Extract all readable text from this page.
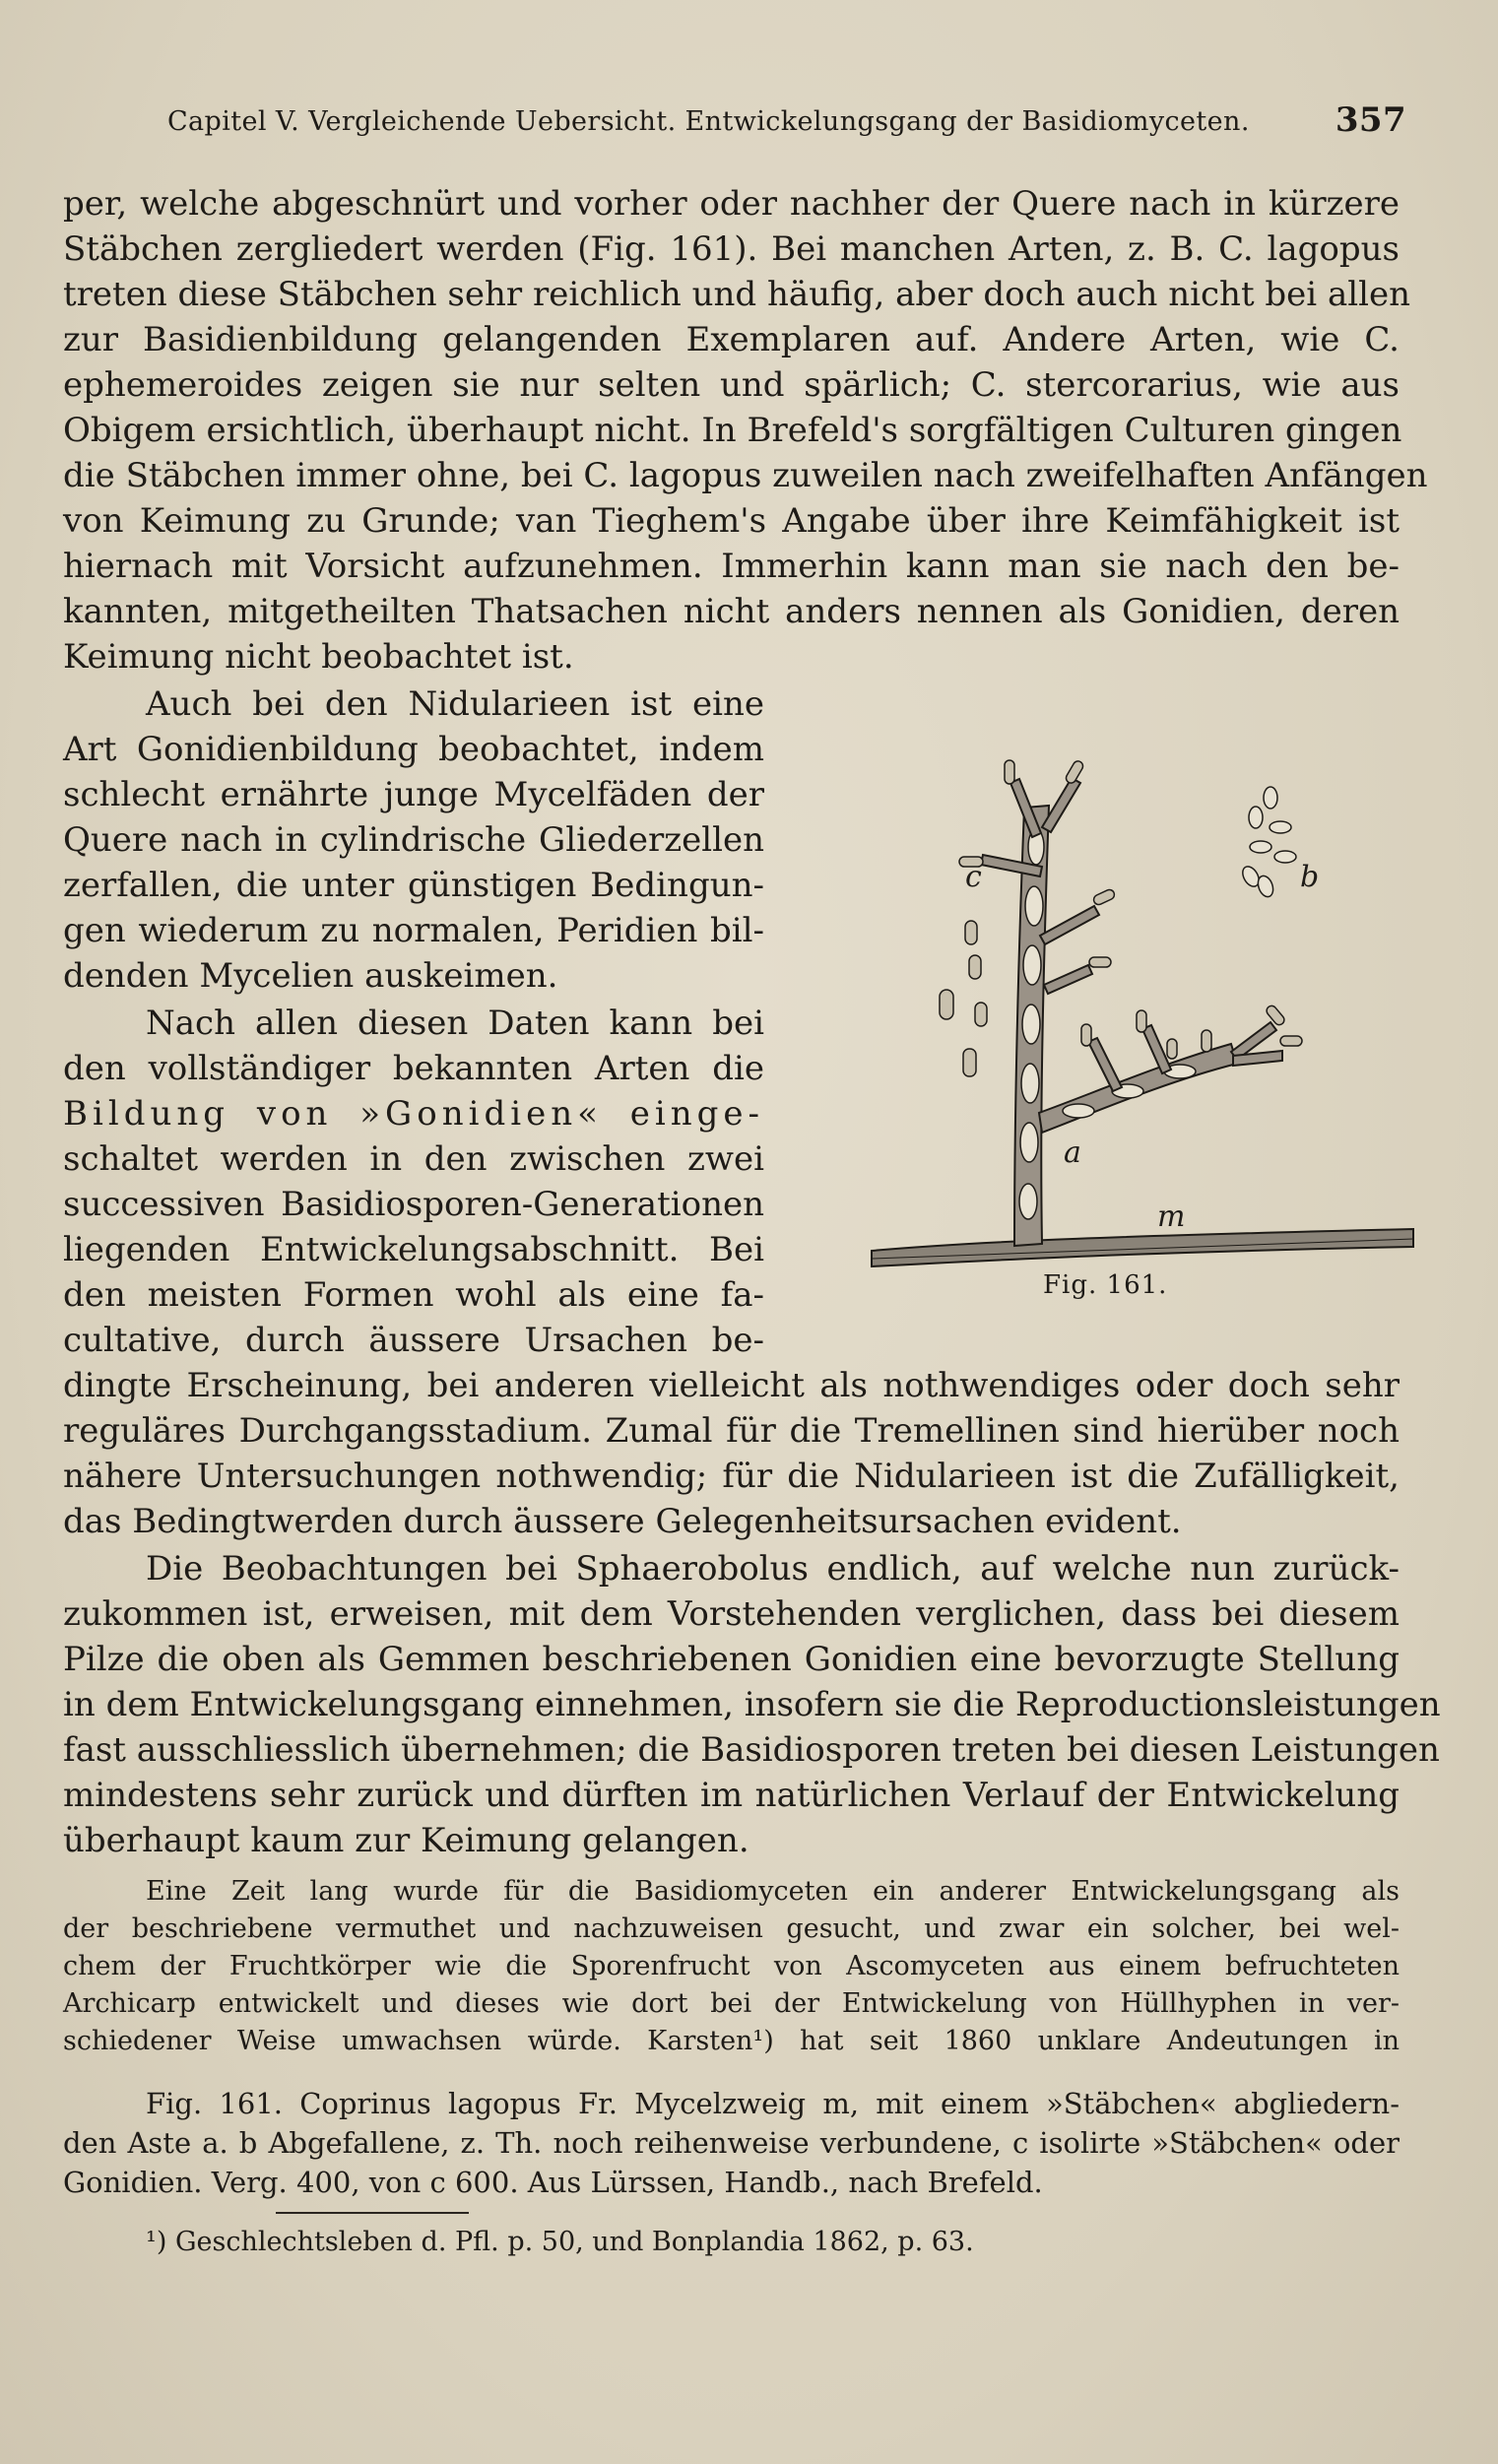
Capitel V. Vergleichende Uebersicht. Entwickelungsgang der Basidiomyceten.	357
per, welche abgeschnürt und vorher oder nachher der Quere nach in kürzere
Stäbchen zergliedert werden (Fig. 161). Bei manchen Arten, z. B. C. lagopus
treten diese Stäbchen sehr reichlich und häufig, aber doch auch nicht bei allen
zur Basidienbildung gelangenden Exemplaren auf. Andere Arten, wie C.
ephemeroides zeigen sie nur selten und spärlich; C. stercorarius, wie aus
Obigem ersichtlich, überhaupt nicht. In Brefeld's sorgfältigen Culturen gingen
die Stäbchen immer ohne, bei C. lagopus zuweilen nach zweifelhaften Anfängen
von Keimung zu Grunde; van Tieghem's Angabe über ihre Keimfähigkeit ist
hiernach mit Vorsicht aufzunehmen. Immerhin kann man sie nach den be-
kannten, mitgetheilten Thatsachen nicht anders nennen als Gonidien, deren
Keimung nicht beobachtet ist.
Auch bei den Nidularieen ist eine
Art Gonidienbildung beobachtet, indem
schlecht ernährte junge Mycelfäden der
Quere nach in cylindrische Gliederzellen
zerfallen, die unter günstigen Bedingun-
gen wiederum zu normalen, Peridien bil-
denden Mycelien auskeimen.
Nach allen diesen Daten kann bei
den vollständiger bekannten Arten die
Bildung von »Gonidien« einge-
schaltet werden in den zwischen zwei
successiven Basidiosporen-Generationen
liegenden Entwickelungsabschnitt. Bei
den meisten Formen wohl als eine fa-
cultative, durch äussere Ursachen be-
dingte Erscheinung, bei anderen vielleicht als nothwendiges oder doch sehr
reguläres Durchgangsstadium. Zumal für die Tremellinen sind hierüber noch
nähere Untersuchungen nothwendig; für die Nidularieen ist die Zufälligkeit,
das Bedingtwerden durch äussere Gelegenheitsursachen evident.
Die Beobachtungen bei Sphaerobolus endlich, auf welche nun zurück-
zukommen ist, erweisen, mit dem Vorstehenden verglichen, dass bei diesem
Pilze die oben als Gemmen beschriebenen Gonidien eine bevorzugte Stellung
in dem Entwickelungsgang einnehmen, insofern sie die Reproductionsleistungen
fast ausschliesslich übernehmen; die Basidiosporen treten bei diesen Leistungen
mindestens sehr zurück und dürften im natürlichen Verlauf der Entwickelung
überhaupt kaum zur Keimung gelangen.
Eine Zeit lang wurde für die Basidiomyceten ein anderer Entwickelungsgang als
der beschriebene vermuthet und nachzuweisen gesucht, und zwar ein solcher, bei wel-
chem der Fruchtkörper wie die Sporenfrucht von Ascomyceten aus einem befruchteten
Archicarp entwickelt und dieses wie dort bei der Entwickelung von Hüllhyphen in ver-
schiedener Weise umwachsen würde. Karsten¹) hat seit 1860 unklare Andeutungen in
Fig. 161. Coprinus lagopus Fr. Mycelzweig m, mit einem »Stäbchen« abgliedern-
den Aste a. b Abgefallene, z. Th. noch reihenweise verbundene, c isolirte »Stäbchen« oder
Gonidien. Verg. 400, von c 600. Aus Lürssen, Handb., nach Brefeld.
¹) Geschlechtsleben d. Pfl. p. 50, und Bonplandia 1862, p. 63.
c	b
a
m
Fig. 161.
